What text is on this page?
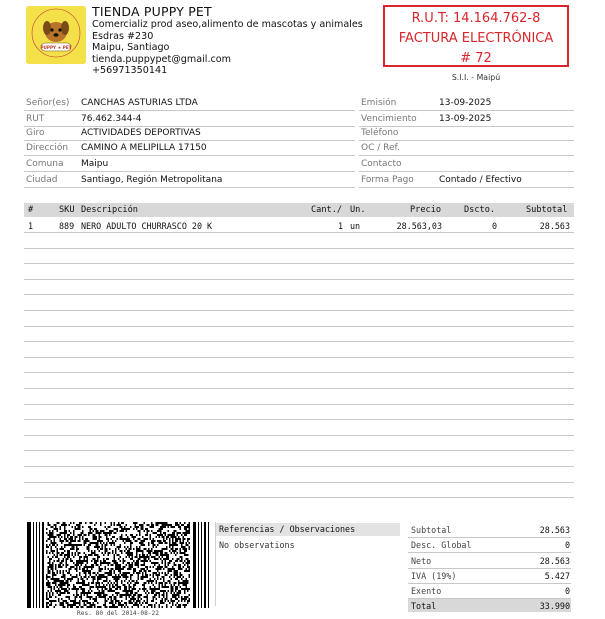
PUPPY ★ PET
TIENDA PUPPY PET
Comercializ prod aseo,alimento de mascotas y animales
Esdras #230
Maipu, Santiago
tienda.puppypet@gmail.com
+56971350141
R.U.T: 14.164.762-8
FACTURA ELECTRÓNICA
# 72
S.I.I. - Maipú
Señor(es) CANCHAS ASTURIAS LTDA	Emisión	13-09-2025
RUT	76.462.344-4	Vencimiento 13-09-2025
Giro	ACTIVIDADES DEPORTIVAS	Teléfono
Dirección CAMINO A MELIPILLA 17150	OC / Ref.
Comuna Maipu	Contacto
Ciudad	Santiago, Región Metropolitana	Forma Pago	Contado / Efectivo
#	SKU Descripción	Cant./ Un.	Precio	Dscto.	Subtotal
1	889 NERO ADULTO CHURRASCO 20 K	1 un	28.563,03	0	28.563
Res. 80 del 2014-08-22
Referencias / Observaciones
No observations
Subtotal	28.563
Desc. Global	0
Neto	28.563
IVA (19%)	5.427
Exento	0
Total	33.990
